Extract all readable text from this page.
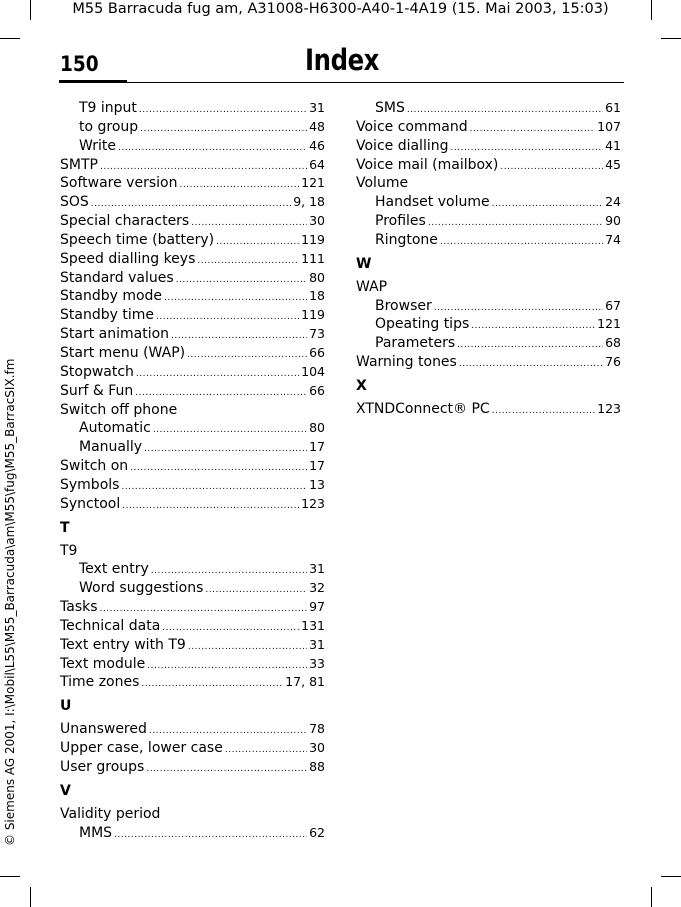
M55 Barracuda fug am, A31008-H6300-A40-1-4A19 (15. Mai 2003, 15:03)
© Siemens AG 2001, I:\Mobil\L55\M55_Barracuda\am\M55\fug\M55_BarracSIX.fm
150	Index
T9 input .....	31
to group .....	48
Write .....	46
SMTP .....	64
Software version .....	121
SOS .....	9, 18
Special characters .....	30
Speech time (battery) .....	119
Speed dialling keys .....	111
Standard values .....	80
Standby mode .....	18
Standby time .....	119
Start animation .....	73
Start menu (WAP) .....	66
Stopwatch .....	104
Surf & Fun .....	66
Switch off phone
Automatic .....	80
Manually .....	17
Switch on .....	17
Symbols .....	13
Synctool .....	123
T
T9
Text entry .....	31
Word suggestions .....	32
Tasks .....	97
Technical data .....	131
Text entry with T9 .....	31
Text module .....	33
Time zones .....	17, 81
U
Unanswered .....	78
Upper case, lower case .....	30
User groups .....	88
V
Validity period
MMS .....	62
SMS .....	61
Voice command .....	107
Voice dialling .....	41
Voice mail (mailbox) .....	45
Volume
Handset volume .....	24
Profiles .....	90
Ringtone .....	74
W
WAP
Browser .....	67
Opeating tips .....	121
Parameters .....	68
Warning tones .....	76
X
XTNDConnect® PC .....	123
